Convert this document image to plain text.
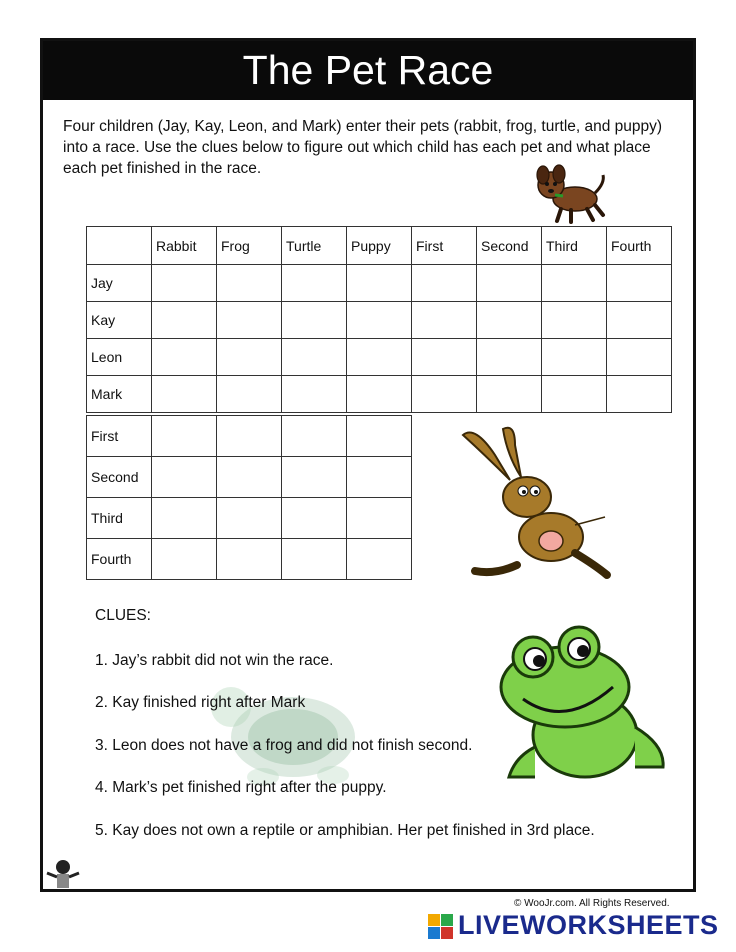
The Pet Race
Four children (Jay, Kay, Leon, and Mark) enter their pets (rabbit, frog, turtle, and puppy) into a race. Use the clues below to figure out which child has each pet and what place each pet finished in the race.
	Rabbit	Frog	Turtle	Puppy	First	Second	Third	Fourth
Jay								
Kay								
Leon								
Mark								
First				
Second				
Third				
Fourth				
CLUES:
1. Jay’s rabbit did not win the race.
2. Kay finished right after Mark
3. Leon does not have a frog and did not finish second.
4. Mark’s pet finished right after the puppy.
5. Kay does not own a reptile or amphibian. Her pet finished in 3rd place.
© WooJr.com. All Rights Reserved.
LIVEWORKSHEETS
